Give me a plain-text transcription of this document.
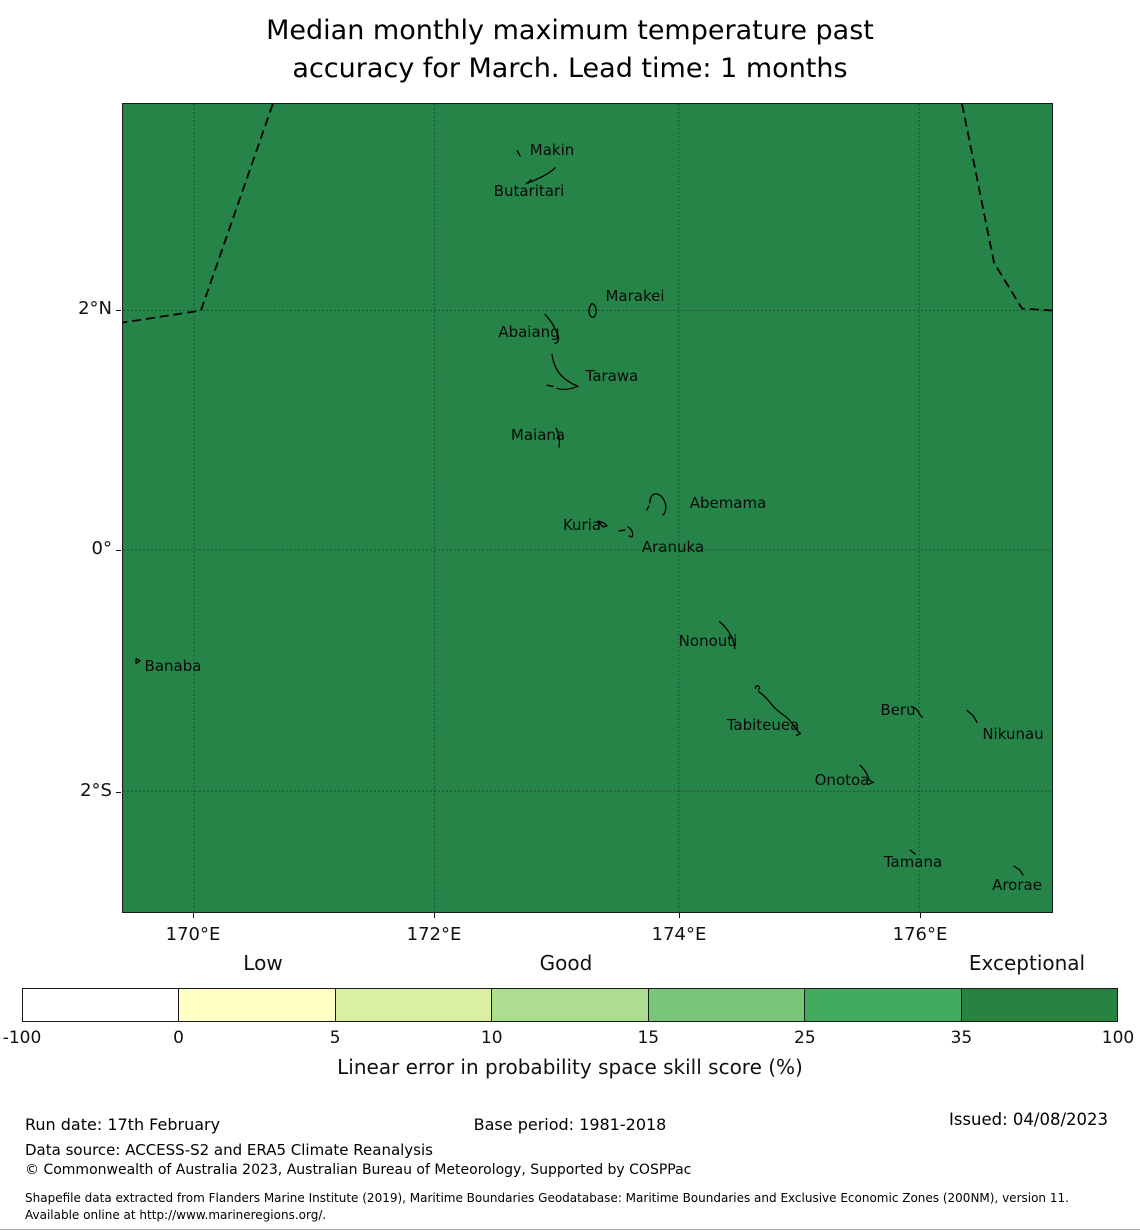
Median monthly maximum temperature past
accuracy for March. Lead time: 1 months
Makin
Butaritari
Marakei
Abaiang
Tarawa
Maiana
Abemama
Kuria
Aranuka
Nonouti
Banaba
Tabiteuea
Beru
Nikunau
Onotoa
Tamana
Arorae
2°N
0°
2°S
170°E	172°E	174°E	176°E
Low	Good	Exceptional
-100	0	5	10	15	25	35	100
Linear error in probability space skill score (%)
Run date: 17th February	Base period: 1981-2018	Issued: 04/08/2023
Data source: ACCESS-S2 and ERA5 Climate Reanalysis
© Commonwealth of Australia 2023, Australian Bureau of Meteorology, Supported by COSPPac
Shapefile data extracted from Flanders Marine Institute (2019), Maritime Boundaries Geodatabase: Maritime Boundaries and Exclusive Economic Zones (200NM), version 11. Available online at http://www.marineregions.org/.
